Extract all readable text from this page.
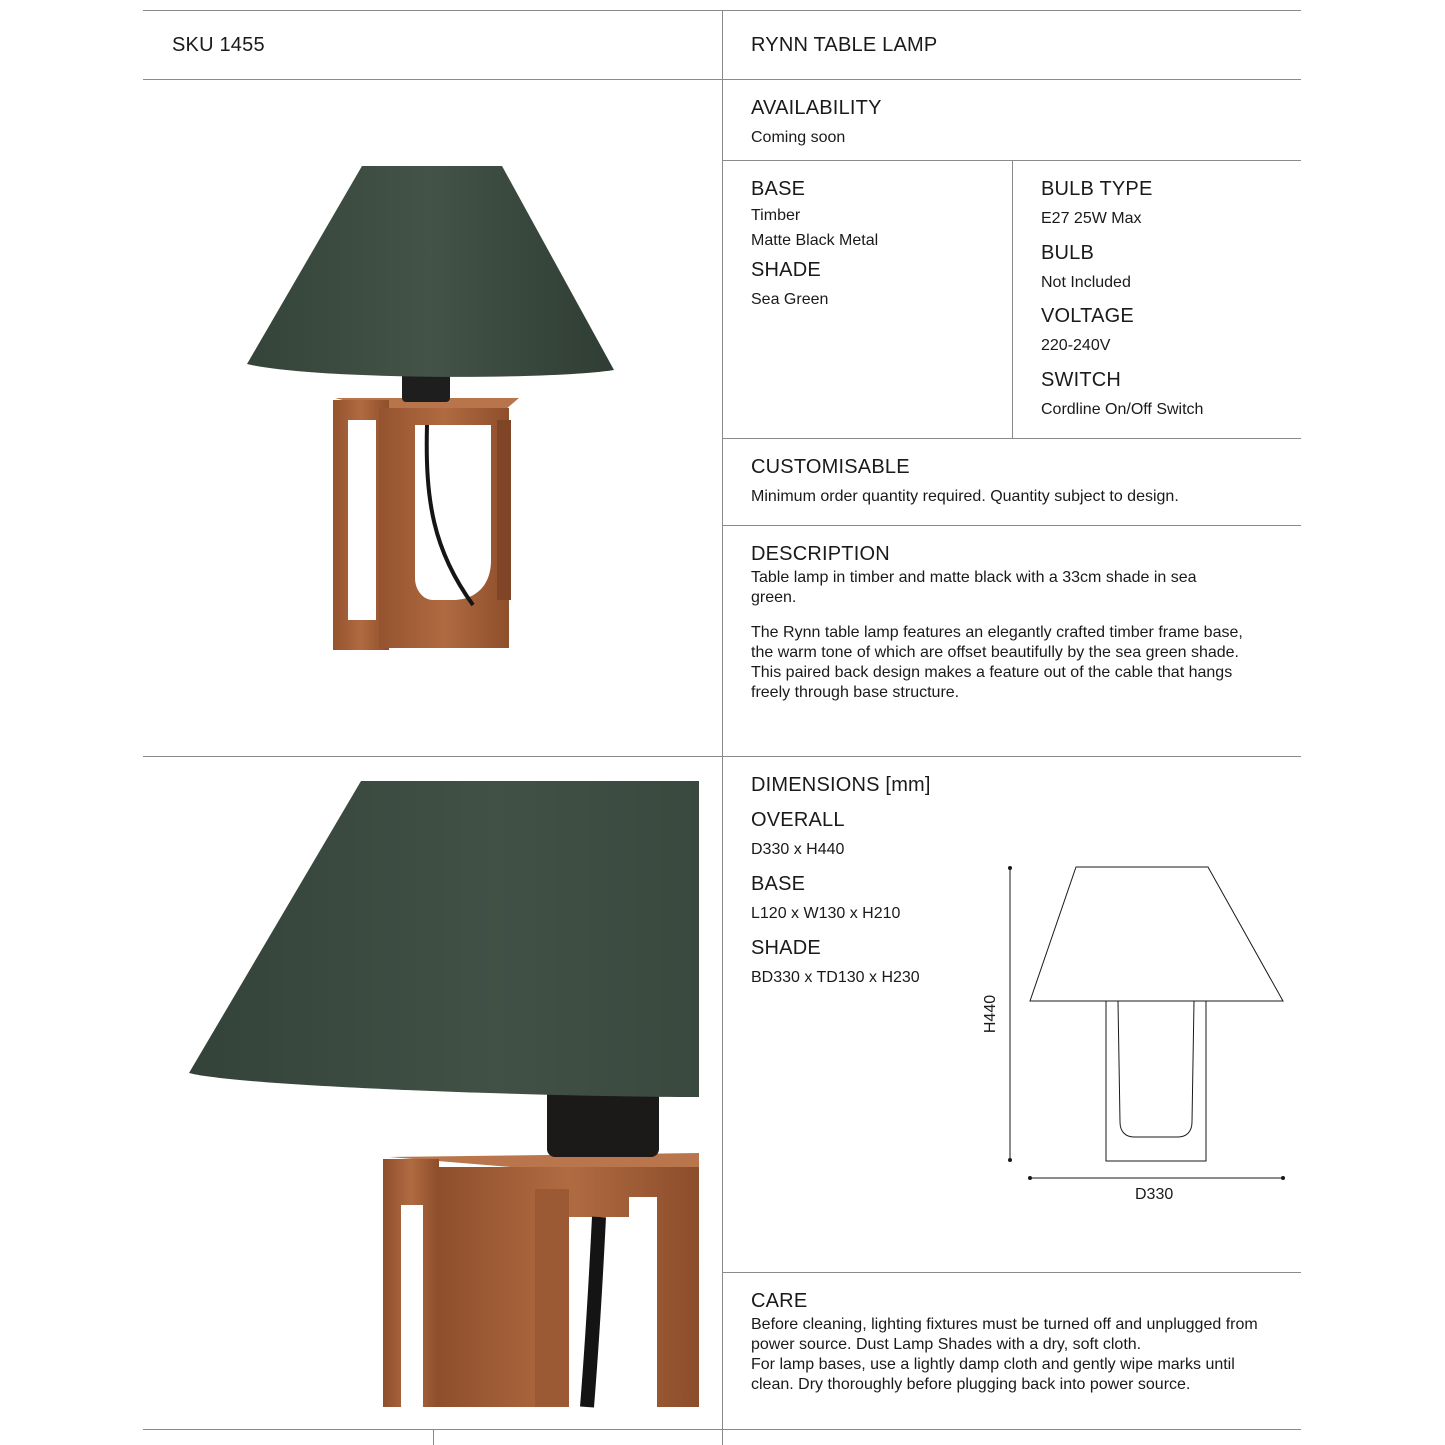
SKU 1455	RYNN TABLE LAMP
AVAILABILITY
Coming soon
BASE
Timber
Matte Black Metal
SHADE
Sea Green
BULB TYPE
E27 25W Max
BULB
Not Included
VOLTAGE
220-240V
SWITCH
Cordline On/Off Switch
CUSTOMISABLE
Minimum order quantity required. Quantity subject to design.
DESCRIPTION

Table lamp in timber and matte black with a 33cm shade in sea green.

The Rynn table lamp features an elegantly crafted timber frame base, the warm tone of which are offset beautifully by the sea green shade. This paired back design makes a feature out of the cable that hangs freely through base structure.

DIMENSIONS [mm]
OVERALL
D330 x H440
BASE
L120 x W130 x H210
SHADE
BD330 x TD130 x H230
H440
D330
CARE

Before cleaning, lighting fixtures must be turned off and unplugged from power source. Dust Lamp Shades with a dry, soft cloth.

For lamp bases, use a lightly damp cloth and gently wipe marks until clean. Dry thoroughly before plugging back into power source.
